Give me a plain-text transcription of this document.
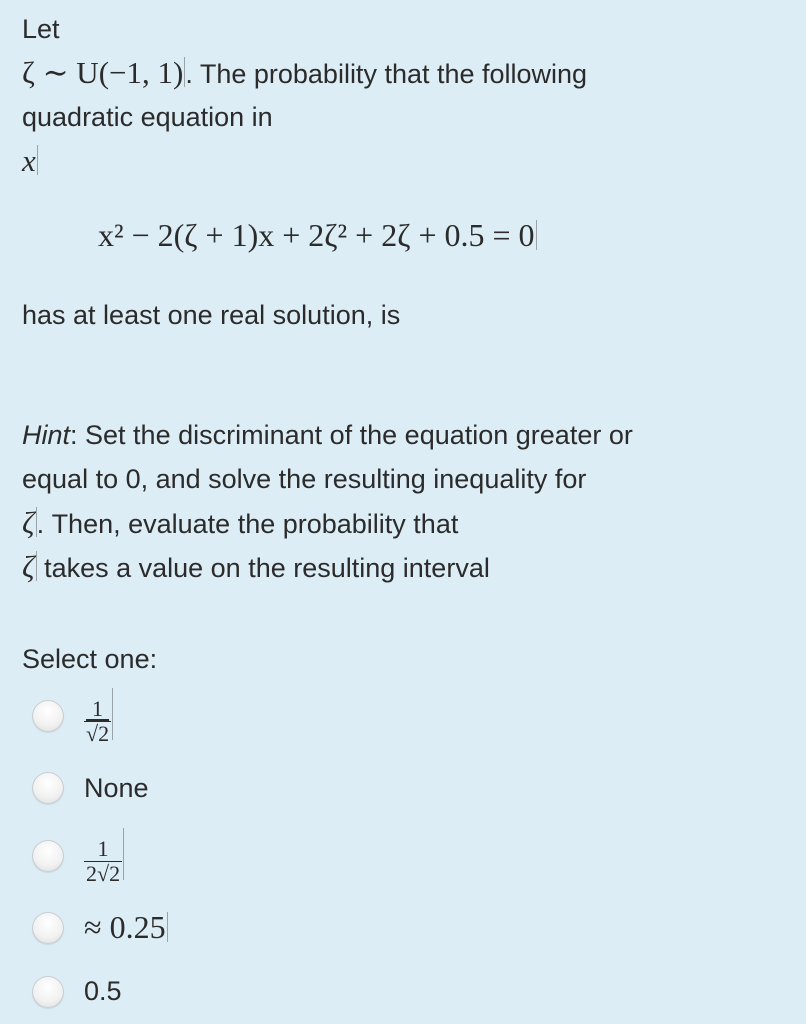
Let
ζ ∼ U(−1, 1). The probability that the following
quadratic equation in
x
x² − 2(ζ + 1)x + 2ζ² + 2ζ + 0.5 = 0
has at least one real solution, is
Hint: Set the discriminant of the equation greater or
equal to 0, and solve the resulting inequality for
ζ. Then, evaluate the probability that
ζ takes a value on the resulting interval
Select one:
$\frac{1}{√2}$
None
$\frac{1}{2√2}$
≈ 0.25
0.5
